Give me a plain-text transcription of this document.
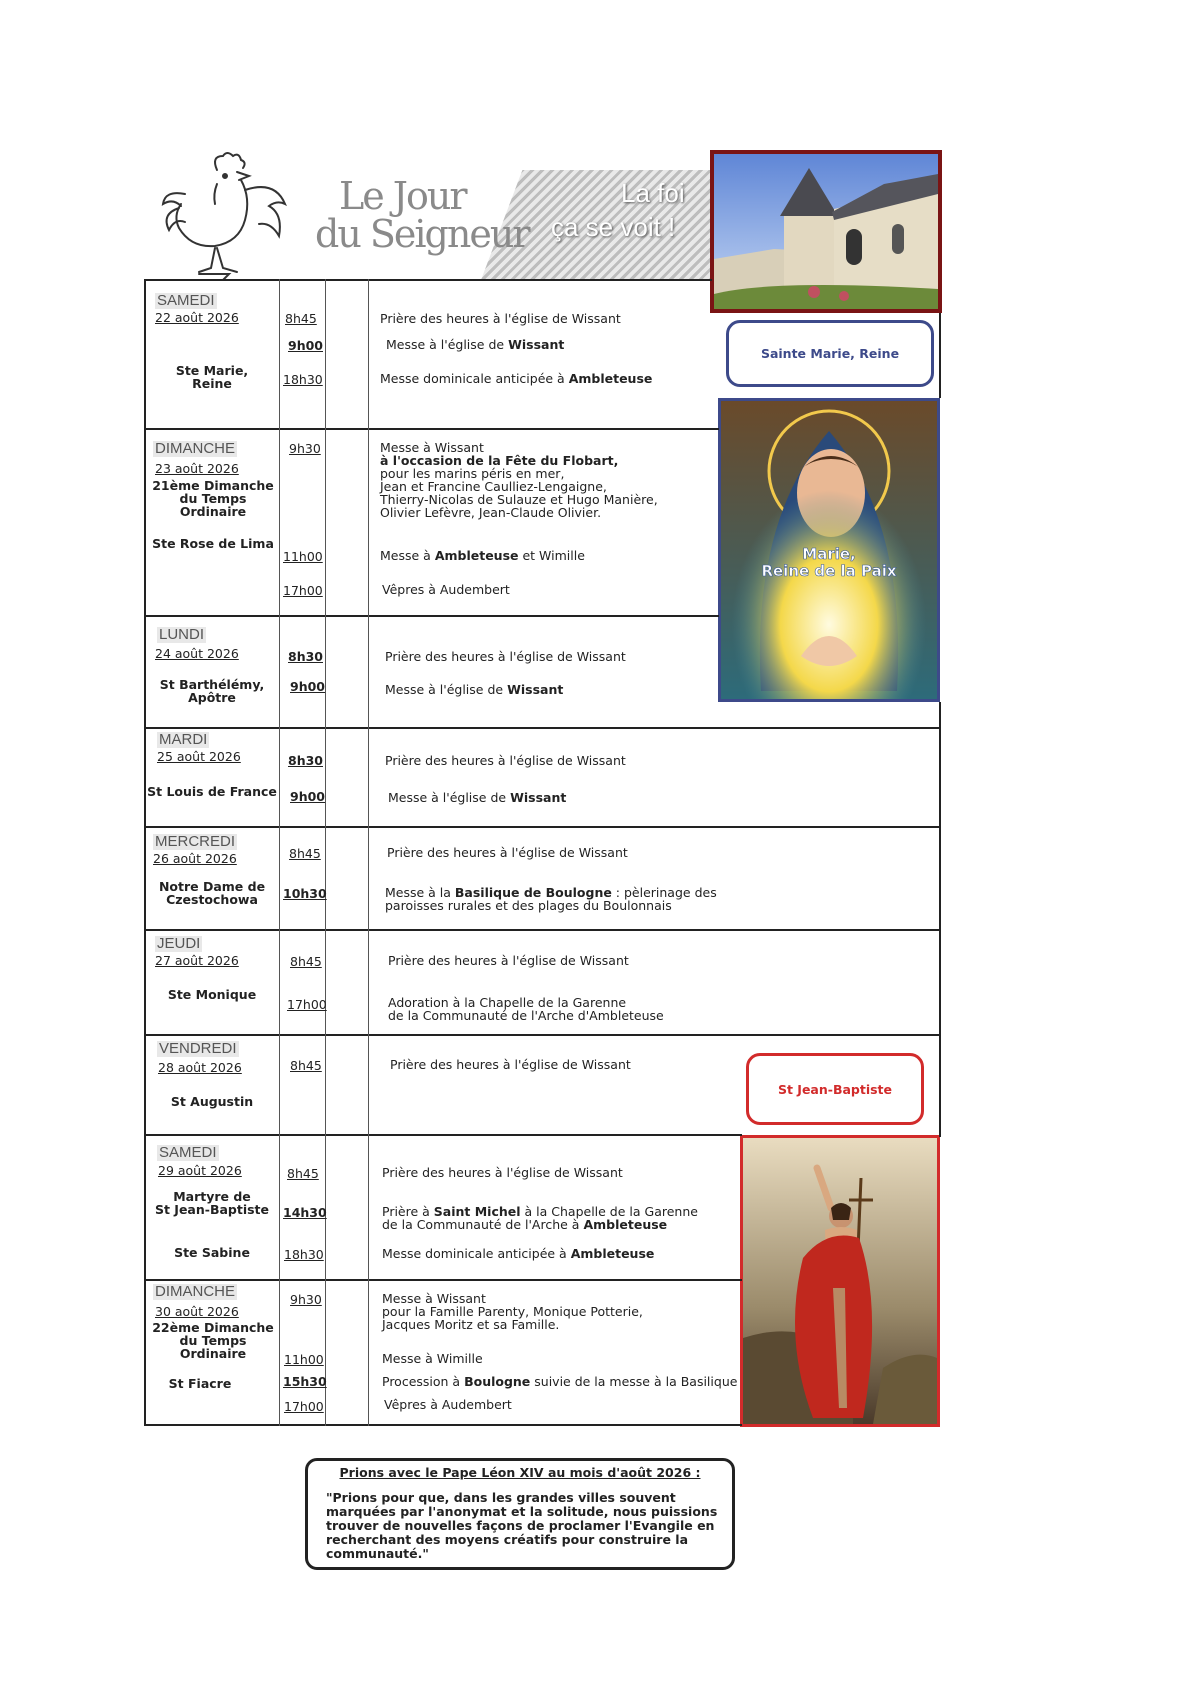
Le Jour
du Seigneur
La foi
ça se voit !
Sainte Marie, Reine
Marie,
Reine de la Paix
St Jean-Baptiste
SAMEDI
22 août 2026
Ste Marie,
Reine
8h45
9h00
18h30
Prière des heures à l'église de Wissant
Messe à l'église de Wissant
Messe dominicale anticipée à Ambleteuse
DIMANCHE
23 août 2026
21ème Dimanche
du Temps Ordinaire
Ste Rose de Lima
9h30
11h00
17h00
Messe à Wissant
à l'occasion de la Fête du Flobart,
pour les marins péris en mer,
Jean et Francine Caulliez-Lengaigne,
Thierry-Nicolas de Sulauze et Hugo Manière,
Olivier Lefèvre, Jean-Claude Olivier.
Messe à Ambleteuse et Wimille
Vêpres à Audembert
LUNDI
24 août 2026
St Barthélémy,
Apôtre
8h30
9h00
Prière des heures à l'église de Wissant
Messe à l'église de Wissant
MARDI
25 août 2026
St Louis de France
8h30
9h00
Prière des heures à l'église de Wissant
Messe à l'église de Wissant
MERCREDI
26 août 2026
Notre Dame de
Czestochowa
8h45
10h30
Prière des heures à l'église de Wissant
Messe à la Basilique de Boulogne : pèlerinage des
paroisses rurales et des plages du Boulonnais
JEUDI
27 août 2026
Ste Monique
8h45
17h00
Prière des heures à l'église de Wissant
Adoration à la Chapelle de la Garenne
de la Communauté de l'Arche d'Ambleteuse
VENDREDI
28 août 2026
St Augustin
8h45	Prière des heures à l'église de Wissant
SAMEDI
29 août 2026
Martyre de
St Jean-Baptiste
Ste Sabine
8h45
14h30
18h30
Prière des heures à l'église de Wissant
Prière à Saint Michel à la Chapelle de la Garenne
de la Communauté de l'Arche à Ambleteuse
Messe dominicale anticipée à Ambleteuse
DIMANCHE
30 août 2026
22ème Dimanche
du Temps Ordinaire
St Fiacre
9h30
11h00
15h30
17h00
Messe à Wissant
pour la Famille Parenty, Monique Potterie,
Jacques Moritz et sa Famille.
Messe à Wimille
Procession à Boulogne suivie de la messe à la Basilique
Vêpres à Audembert
Prions avec le Pape Léon XIV au mois d'août 2026 :
"Prions pour que, dans les grandes villes souvent marquées par l'anonymat et la solitude, nous puissions trouver de nouvelles façons de proclamer l'Evangile en recherchant des moyens créatifs pour construire la communauté."
